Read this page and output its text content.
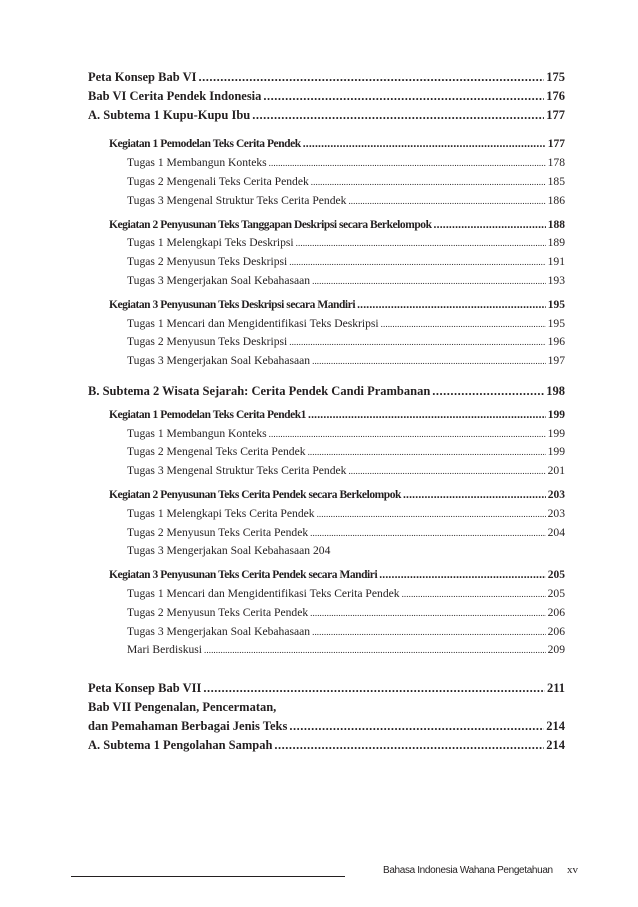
Peta Konsep Bab VI .....	175
Bab VI Cerita Pendek Indonesia .....	176
A. Subtema 1 Kupu-Kupu Ibu .....	177
Kegiatan 1 Pemodelan Teks Cerita Pendek .....	177
Tugas 1 Membangun Konteks .....	178
Tugas 2 Mengenali Teks Cerita Pendek .....	185
Tugas 3 Mengenal Struktur Teks Cerita Pendek .....	186
Kegiatan 2 Penyusunan Teks Tanggapan Deskripsi secara Berkelompok .....	188
Tugas 1 Melengkapi Teks Deskripsi .....	189
Tugas 2 Menyusun Teks Deskripsi .....	191
Tugas 3 Mengerjakan Soal Kebahasaan .....	193
Kegiatan 3 Penyusunan Teks Deskripsi secara Mandiri .....	195
Tugas 1 Mencari dan Mengidentifikasi Teks Deskripsi .....	195
Tugas 2 Menyusun Teks Deskripsi .....	196
Tugas 3 Mengerjakan Soal Kebahasaan .....	197
B. Subtema 2 Wisata Sejarah: Cerita Pendek Candi Prambanan .....	198
Kegiatan 1 Pemodelan Teks Cerita Pendek1 .....	199
Tugas 1 Membangun Konteks .....	199
Tugas 2 Mengenal Teks Cerita Pendek .....	199
Tugas 3 Mengenal Struktur Teks Cerita Pendek .....	201
Kegiatan 2 Penyusunan Teks Cerita Pendek secara Berkelompok .....	203
Tugas 1 Melengkapi Teks Cerita Pendek .....	203
Tugas 2 Menyusun Teks Cerita Pendek .....	204
Tugas 3 Mengerjakan Soal Kebahasaan 204
Kegiatan 3 Penyusunan Teks Cerita Pendek secara Mandiri .....	205
Tugas 1 Mencari dan Mengidentifikasi Teks Cerita Pendek .....	205
Tugas 2 Menyusun Teks Cerita Pendek .....	206
Tugas 3 Mengerjakan Soal Kebahasaan .....	206
Mari Berdiskusi .....	209
Peta Konsep Bab VII .....	211
Bab VII Pengenalan, Pencermatan,
dan Pemahaman Berbagai Jenis Teks .....	214
A. Subtema 1 Pengolahan Sampah .....	214
Bahasa Indonesia Wahana Pengetahuan xv
